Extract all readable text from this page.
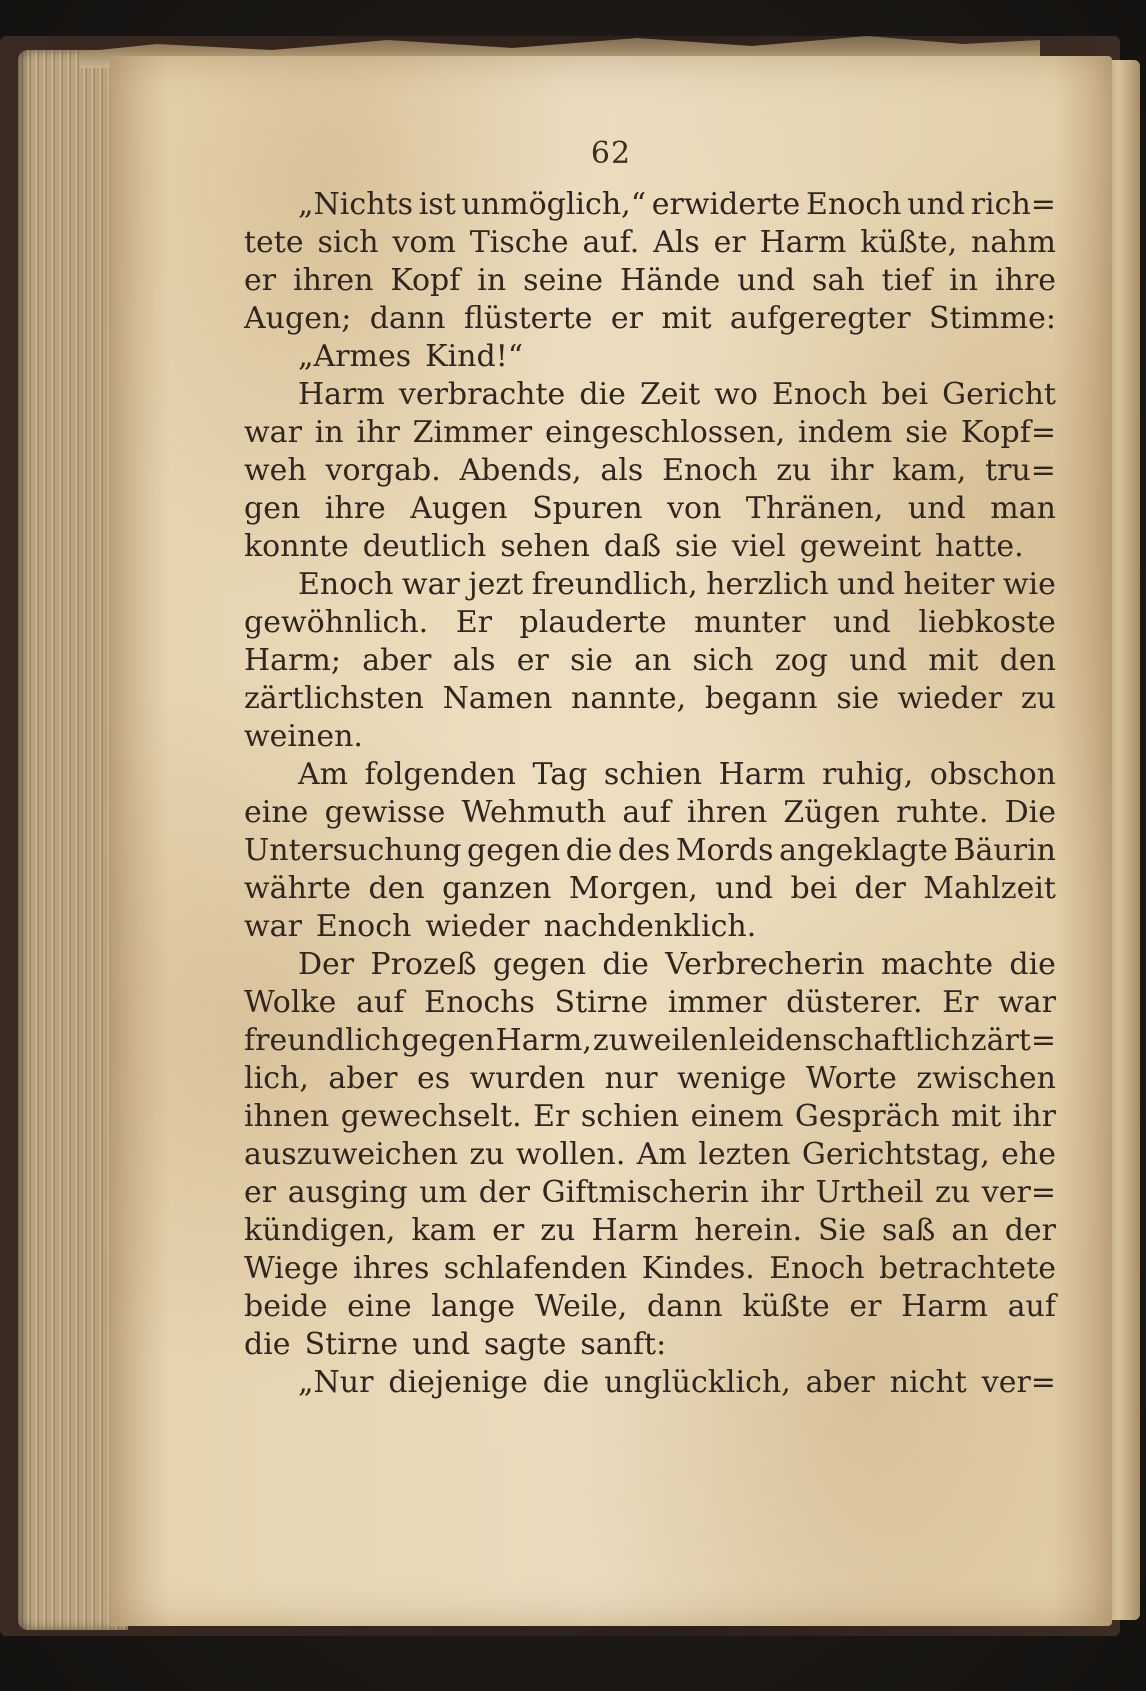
62
„Nichts ist unmöglich,“ erwiderte Enoch und rich=
tete sich vom Tische auf. Als er Harm küßte, nahm
er ihren Kopf in seine Hände und sah tief in ihre
Augen; dann flüsterte er mit aufgeregter Stimme:
„Armes Kind!“
Harm verbrachte die Zeit wo Enoch bei Gericht
war in ihr Zimmer eingeschlossen, indem sie Kopf=
weh vorgab. Abends, als Enoch zu ihr kam, tru=
gen ihre Augen Spuren von Thränen, und man
konnte deutlich sehen daß sie viel geweint hatte.
Enoch war jezt freundlich, herzlich und heiter wie
gewöhnlich. Er plauderte munter und liebkoste
Harm; aber als er sie an sich zog und mit den
zärtlichsten Namen nannte, begann sie wieder zu
weinen.
Am folgenden Tag schien Harm ruhig, obschon
eine gewisse Wehmuth auf ihren Zügen ruhte. Die
Untersuchung gegen die des Mords angeklagte Bäurin
währte den ganzen Morgen, und bei der Mahlzeit
war Enoch wieder nachdenklich.
Der Prozeß gegen die Verbrecherin machte die
Wolke auf Enochs Stirne immer düsterer. Er war
freundlich gegen Harm, zuweilen leidenschaftlich zärt=
lich, aber es wurden nur wenige Worte zwischen
ihnen gewechselt. Er schien einem Gespräch mit ihr
auszuweichen zu wollen. Am lezten Gerichtstag, ehe
er ausging um der Giftmischerin ihr Urtheil zu ver=
kündigen, kam er zu Harm herein. Sie saß an der
Wiege ihres schlafenden Kindes. Enoch betrachtete
beide eine lange Weile, dann küßte er Harm auf
die Stirne und sagte sanft:
„Nur diejenige die unglücklich, aber nicht ver=
